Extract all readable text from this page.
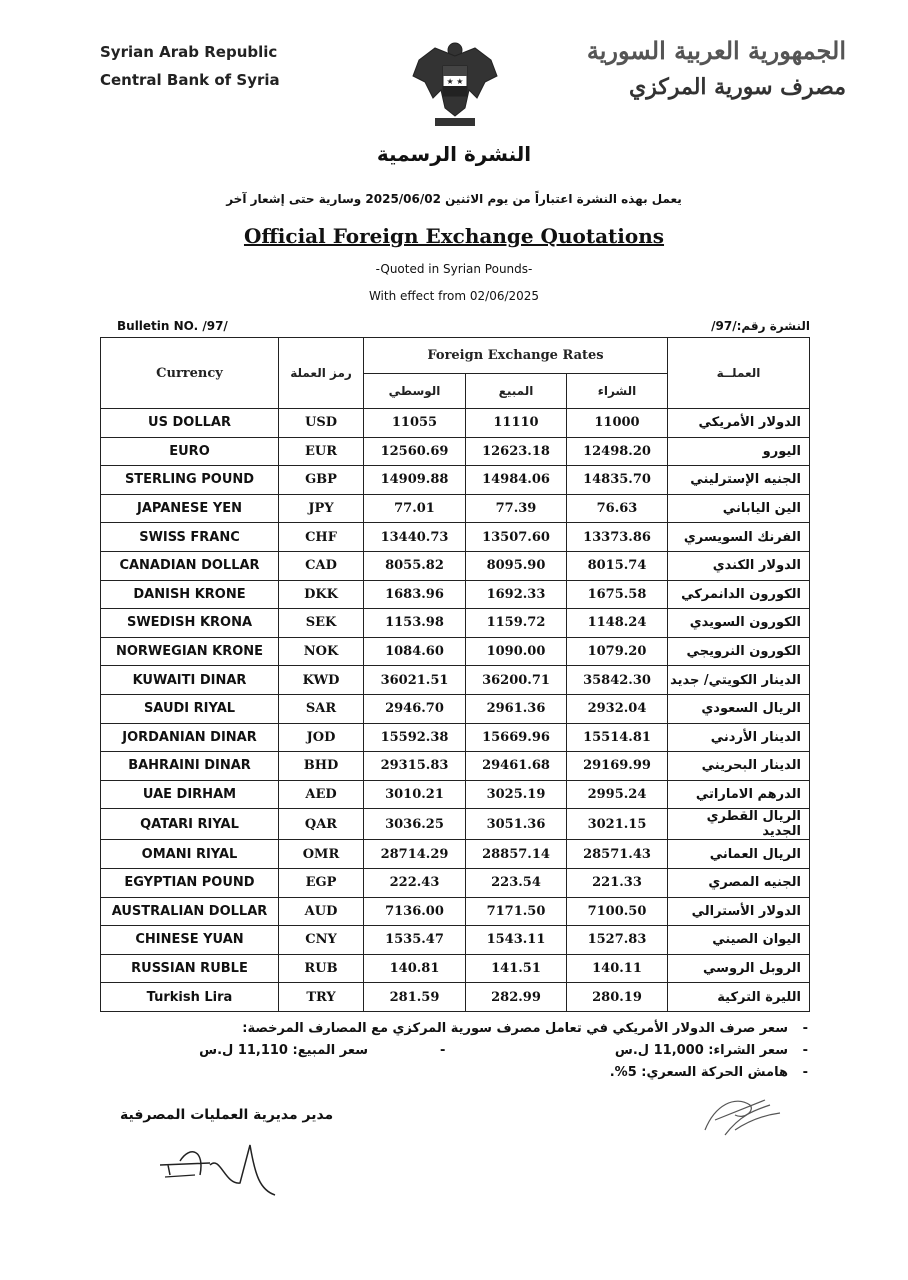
Syrian Arab Republic
Central Bank of Syria	★ ★
الجمهورية العربية السورية
مصرف سورية المركزي
النشرة الرسمية
يعمل بهذه النشرة اعتباراً من يوم الاثنين 2025/06/02 وسارية حتى إشعار آخر
Official Foreign Exchange Quotations
-Quoted in Syrian Pounds-
With effect from 02/06/2025
Bulletin NO. /97/	النشرة رقم:/97/
Currency	رمز العملة	Foreign Exchange Rates			العملــة
		الوسطي	المبيع	الشراء	
US DOLLAR	USD	11055	11110	11000	الدولار الأمريكي
EURO	EUR	12560.69	12623.18	12498.20	اليورو
STERLING POUND	GBP	14909.88	14984.06	14835.70	الجنيه الإسترليني
JAPANESE YEN	JPY	77.01	77.39	76.63	الين الياباني
SWISS FRANC	CHF	13440.73	13507.60	13373.86	الفرنك السويسري
CANADIAN DOLLAR	CAD	8055.82	8095.90	8015.74	الدولار الكندي
DANISH KRONE	DKK	1683.96	1692.33	1675.58	الكورون الدانمركي
SWEDISH KRONA	SEK	1153.98	1159.72	1148.24	الكورون السويدي
NORWEGIAN KRONE	NOK	1084.60	1090.00	1079.20	الكورون النرويجي
KUWAITI DINAR	KWD	36021.51	36200.71	35842.30	الدينار الكويتي/ جديد
SAUDI RIYAL	SAR	2946.70	2961.36	2932.04	الريال السعودي
JORDANIAN DINAR	JOD	15592.38	15669.96	15514.81	الدينار الأردني
BAHRAINI DINAR	BHD	29315.83	29461.68	29169.99	الدينار البحريني
UAE DIRHAM	AED	3010.21	3025.19	2995.24	الدرهم الاماراتي
QATARI RIYAL	QAR	3036.25	3051.36	3021.15	الريال القطري الجديد
OMANI RIYAL	OMR	28714.29	28857.14	28571.43	الريال العماني
EGYPTIAN POUND	EGP	222.43	223.54	221.33	الجنيه المصري
AUSTRALIAN DOLLAR	AUD	7136.00	7171.50	7100.50	الدولار الأسترالي
CHINESE YUAN	CNY	1535.47	1543.11	1527.83	اليوان الصيني
RUSSIAN RUBLE	RUB	140.81	141.51	140.11	الروبل الروسي
Turkish Lira	TRY	281.59	282.99	280.19	الليرة التركية
-
سعر صرف الدولار الأمريكي في تعامل مصرف سورية المركزي مع المصارف المرخصة:
-
سعر الشراء: 11,000 ل.س
-
سعر المبيع: 11,110 ل.س
-
هامش الحركة السعري: 5%.
مدير مديرية العمليات المصرفية
